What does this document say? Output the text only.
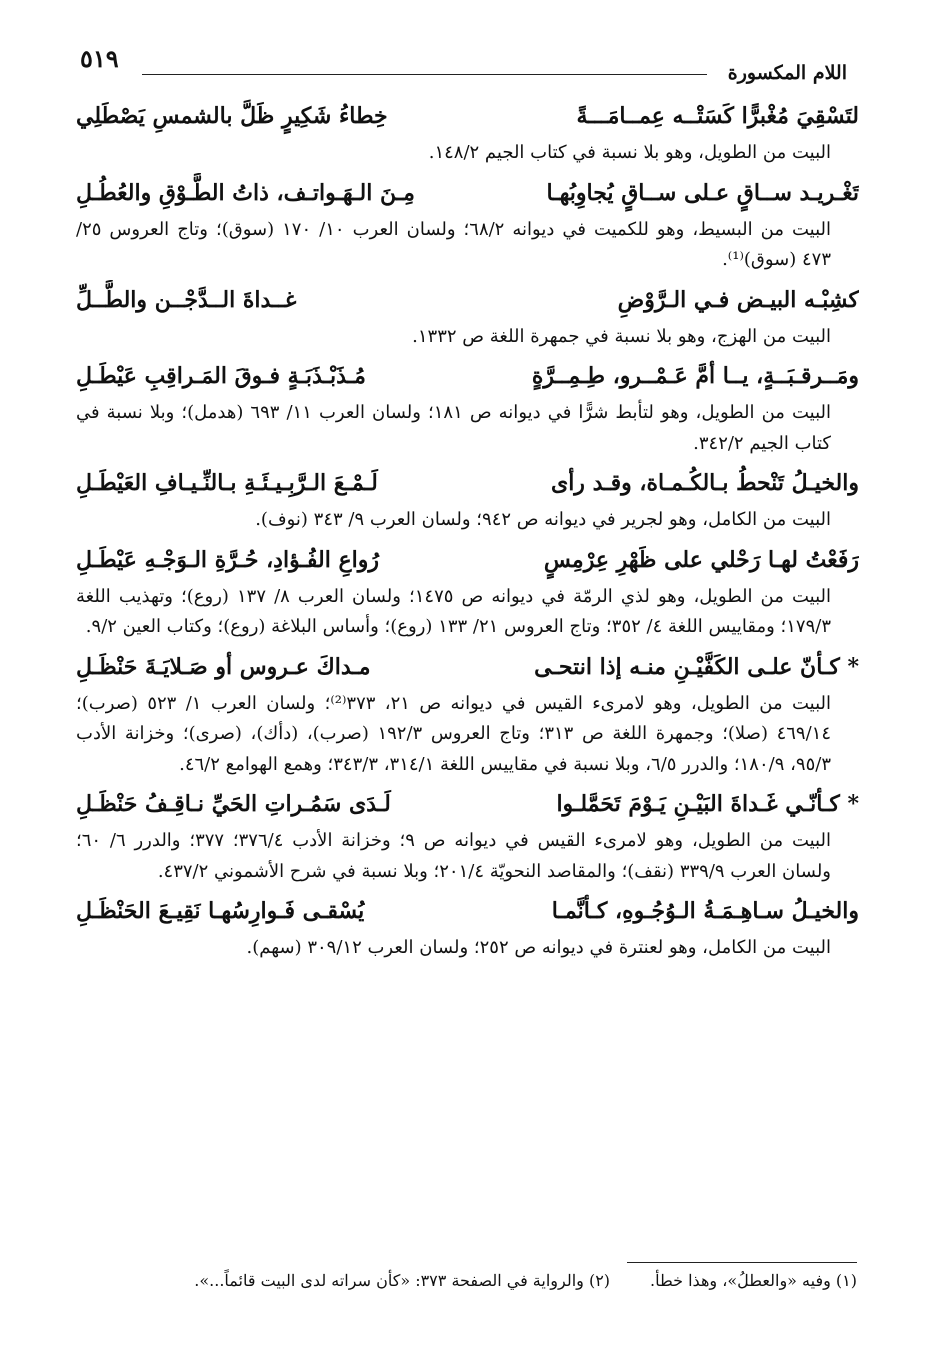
٥١٩	اللام المكسورة
لتَسْقِيَ مُغْبرًّا كَسَتْــه عِمــامَـــةً
خِطاءُ شَكِيرٍ ظَلَّ بالشمسِ يَصْطَلِي
البيت من الطويل، وهو بلا نسبة في كتاب الجيم ١٤٨/٢.
تَغْـريـد ســاقٍ عـلى ســاقٍ يُجاوِبُهـا
مِـنَ الـهَـواتـف، ذاتُ الطَّـوْقِ والعُطُـلِ
البيت من البسيط، وهو للكميت في ديوانه ٦٨/٢؛ ولسان العرب ١٠/ ١٧٠ (سوق)؛ وتاج العروس ٢٥/ ٤٧٣ (سوق)⁽¹⁾.
كشِبْـه البيـض فـي الـرَّوْضِ
غــداةَ الــدَّجْــن والطَّــلِّ
البيت من الهزج، وهو بلا نسبة في جمهرة اللغة ص ١٣٣٢.
ومَــرقـبَــةٍ، يــا أمَّ عَـمْــرو، طِـمِــرَّةٍ
مُـذَبْـذَبَـةٍ فـوقَ المَـراقِبِ عَيْطَـلِ
البيت من الطويل، وهو لتأبط شرًّا في ديوانه ص ١٨١؛ ولسان العرب ١١/ ٦٩٣ (هدمل)؛ وبلا نسبة في كتاب الجيم ٣٤٢/٢.
والخيـلُ تَنْحطُ بـالكُـمـاة، وقـد رأى
لَـمْـعَ الـرَّبِـيـئَـةِ بـالنِّـيـافِ العَيْطَـلِ
البيت من الكامل، وهو لجرير في ديوانه ص ٩٤٢؛ ولسان العرب ٩/ ٣٤٣ (نوف).
رَفَعْتُ لهـا رَحْلي على ظَهْرِ عِرْمِسٍ
رُواعِ الفُـؤادِ، حُـرَّةِ الـوَجْـهِ عَيْطَـلِ
البيت من الطويل، وهو لذي الرمّة في ديوانه ص ١٤٧٥؛ ولسان العرب ٨/ ١٣٧ (روع)؛ وتهذيب اللغة ١٧٩/٣؛ ومقاييس اللغة ٤/ ٣٥٢؛ وتاج العروس ٢١/ ١٣٣ (روع)؛ وأساس البلاغة (روع)؛ وكتاب العين ٩/٢.
* كـأنّ علـى الكَفَّيْـنِ منـه إذا انتحـى
مـداكَ عـروس أو صَـلايَـةَ حَنْظَـلِ
البيت من الطويل، وهو لامرىء القيس في ديوانه ص ٢١، ٣٧٣⁽²⁾؛ ولسان العرب ١/ ٥٢٣ (صرب)؛ ٤٦٩/١٤ (صلا)؛ وجمهرة اللغة ص ٣١٣؛ وتاج العروس ١٩٢/٣ (صرب)، (دأك)، (صرى)؛ وخزانة الأدب ٩٥/٣، ١٨٠/٩؛ والدرر ٦/٥، وبلا نسبة في مقاييس اللغة ٣١٤/١، ٣٤٣/٣؛ وهمع الهوامع ٤٦/٢.
* كـأنّـي غَـداةَ البَيْـنِ يَـوْمَ تَحَمَّلـوا
لَـدَى سَمُـراتِ الحَيِّ نـاقِـفُ حَنْظَـلِ
البيت من الطويل، وهو لامرىء القيس في ديوانه ص ٩؛ وخزانة الأدب ٣٧٦/٤؛ ٣٧٧؛ والدرر ٦/ ٦٠؛ ولسان العرب ٣٣٩/٩ (نقف)؛ والمقاصد النحويّة ٢٠١/٤؛ وبلا نسبة في شرح الأشموني ٤٣٧/٢.
والخيـلُ سـاهِـمَـةُ الـوُجُـوهِ، كـأنَّمـا
يُسْقـى فَـوارِسُهـا نَقِيـعَ الحَنْظَـلِ
البيت من الكامل، وهو لعنترة في ديوانه ص ٢٥٢؛ ولسان العرب ٣٠٩/١٢ (سهم).
(١) وفيه «والعطلُ»، وهذا خطأ.
(٢) والرواية في الصفحة ٣٧٣: «كأن سراته لدى البيت قائماً...».
